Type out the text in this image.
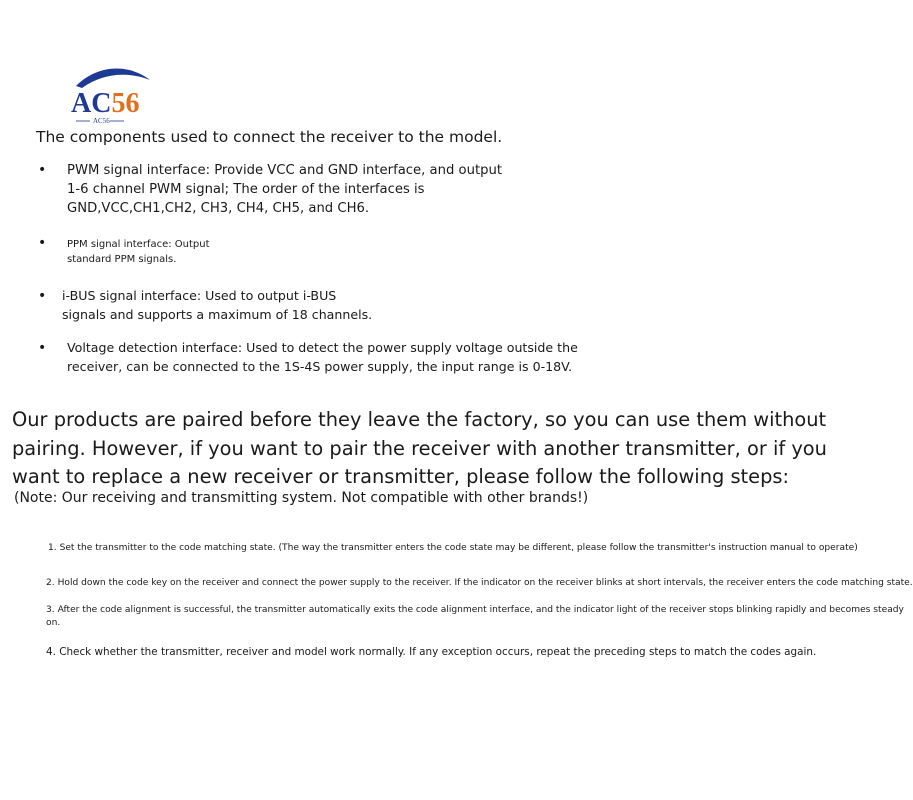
AC56
AC56
The components used to connect the receiver to the model.
• PWM signal interface: Provide VCC and GND interface, and output
1-6 channel PWM signal; The order of the interfaces is
GND,VCC,CH1,CH2, CH3, CH4, CH5, and CH6.
• PPM signal interface: Output
standard PPM signals.
• i-BUS signal interface: Used to output i-BUS
signals and supports a maximum of 18 channels.
• Voltage detection interface: Used to detect the power supply voltage outside the
receiver, can be connected to the 1S-4S power supply, the input range is 0-18V.
Our products are paired before they leave the factory, so you can use them without
pairing. However, if you want to pair the receiver with another transmitter, or if you
want to replace a new receiver or transmitter, please follow the following steps:
(Note: Our receiving and transmitting system. Not compatible with other brands!)
1. Set the transmitter to the code matching state. (The way the transmitter enters the code state may be different, please follow the transmitter's instruction manual to operate)
2. Hold down the code key on the receiver and connect the power supply to the receiver. If the indicator on the receiver blinks at short intervals, the receiver enters the code matching state.
3. After the code alignment is successful, the transmitter automatically exits the code alignment interface, and the indicator light of the receiver stops blinking rapidly and becomes steady
on.
4. Check whether the transmitter, receiver and model work normally. If any exception occurs, repeat the preceding steps to match the codes again.
